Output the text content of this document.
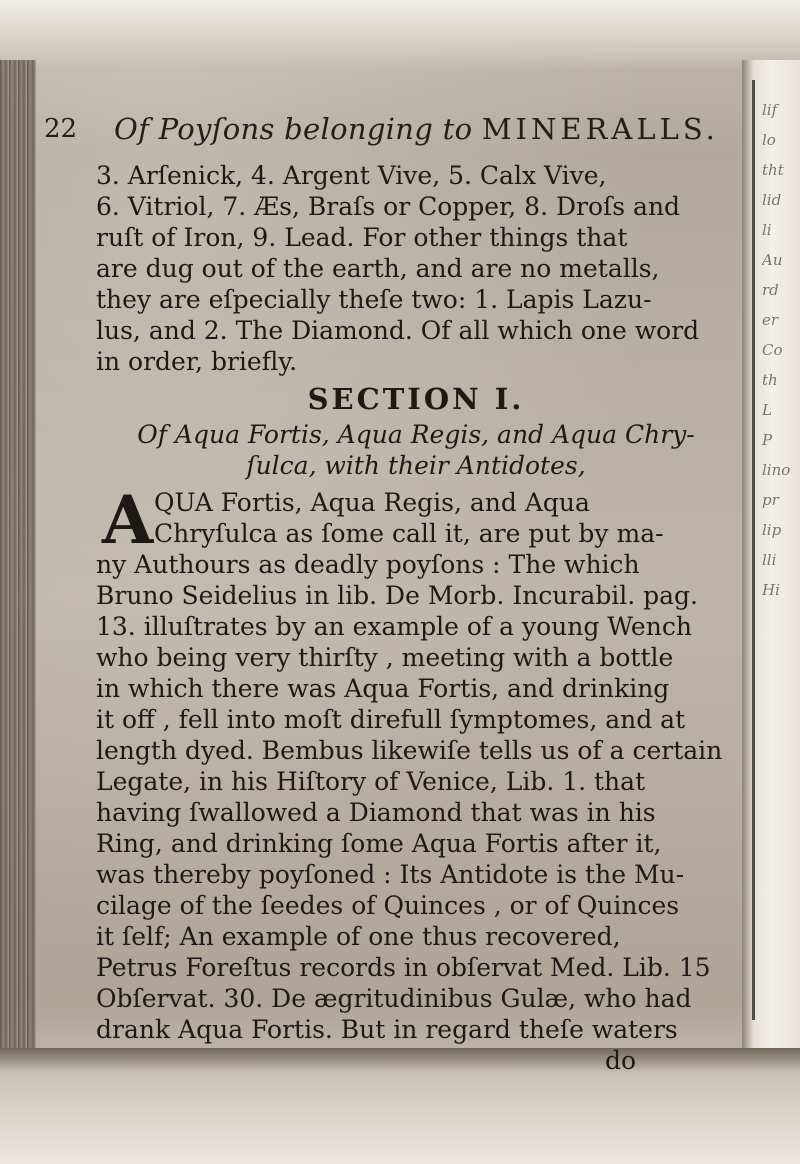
lif
lo
tht
lid
li
Au
rd
er
Co
th
L
P
lino
pr
lip
lli
Hi
22 Of Poyſons belonging to MINERALLS.
3. Arſenick, 4. Argent Vive, 5. Calx Vive,
6. Vitriol, 7. Æs, Braſs or Copper, 8. Droſs and
ruſt of Iron, 9. Lead. For other things that
are dug out of the earth, and are no metalls,
they are eſpecially theſe two: 1. Lapis Lazu-
lus, and 2. The Diamond. Of all which one word
in order, briefly.
SECTION I.
Of Aqua Fortis, Aqua Regis, and Aqua Chry-
ſulca, with their Antidotes,
A QUA Fortis, Aqua Regis, and Aqua
Chryſulca as ſome call it, are put by ma-
ny Authours as deadly poyſons : The which
Bruno Seidelius in lib. De Morb. Incurabil. pag.
13. illuſtrates by an example of a young Wench
who being very thirſty , meeting with a bottle
in which there was Aqua Fortis, and drinking
it off , fell into moſt direfull ſymptomes, and at
length dyed. Bembus likewiſe tells us of a certain
Legate, in his Hiſtory of Venice, Lib. 1. that
having ſwallowed a Diamond that was in his
Ring, and drinking ſome Aqua Fortis after it,
was thereby poyſoned : Its Antidote is the Mu-
cilage of the ſeedes of Quinces , or of Quinces
it ſelf; An example of one thus recovered,
Petrus Foreſtus records in obſervat Med. Lib. 15
Obſervat. 30. De ægritudinibus Gulæ, who had
drank Aqua Fortis. But in regard theſe waters
do
